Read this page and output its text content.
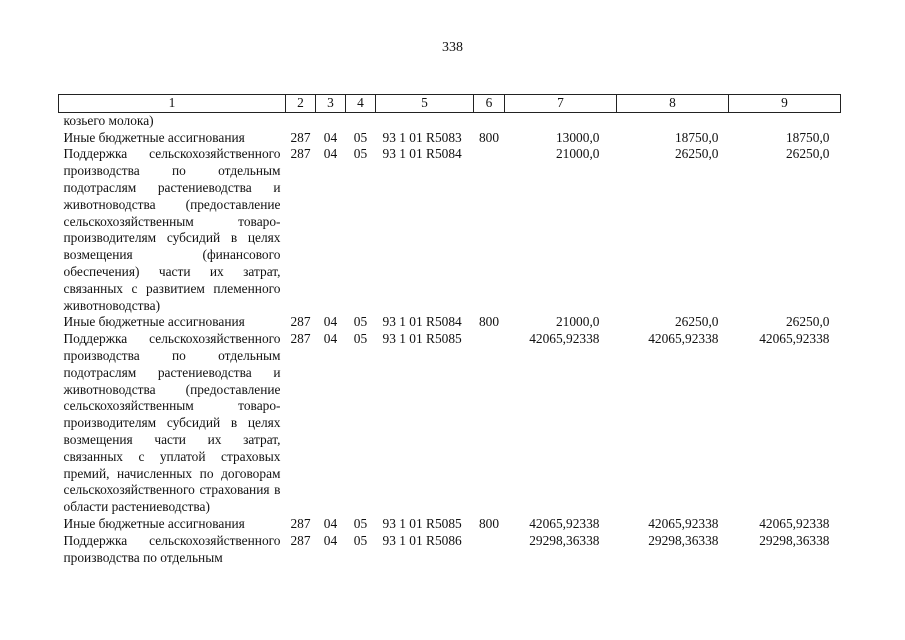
338
1	2	3	4	5	6	7	8	9
козьего молока)								
Иные бюджетные ассигнования	287	04	05	93 1 01 R5083	800	13000,0	18750,0	18750,0
Поддержка сельскохозяйственного производства по отдельным подотраслям растениеводства и животноводства (предоставление сельскохозяйственным товаропроизводителям субсидий в целях возмещения (финансового обеспечения) части их затрат, связанных с развитием племенного животноводства)	287	04	05	93 1 01 R5084		21000,0	26250,0	26250,0
Иные бюджетные ассигнования	287	04	05	93 1 01 R5084	800	21000,0	26250,0	26250,0
Поддержка сельскохозяйственного производства по отдельным подотраслям растениеводства и животноводства (предоставление сельскохозяйственным товаропроизводителям субсидий в целях возмещения части их затрат, связанных с уплатой страховых премий, начисленных по договорам сельскохозяйственного страхования в области растениеводства)	287	04	05	93 1 01 R5085		42065,92338	42065,92338	42065,92338
Иные бюджетные ассигнования	287	04	05	93 1 01 R5085	800	42065,92338	42065,92338	42065,92338
Поддержка сельскохозяйственного производства по отдельным	287	04	05	93 1 01 R5086		29298,36338	29298,36338	29298,36338
